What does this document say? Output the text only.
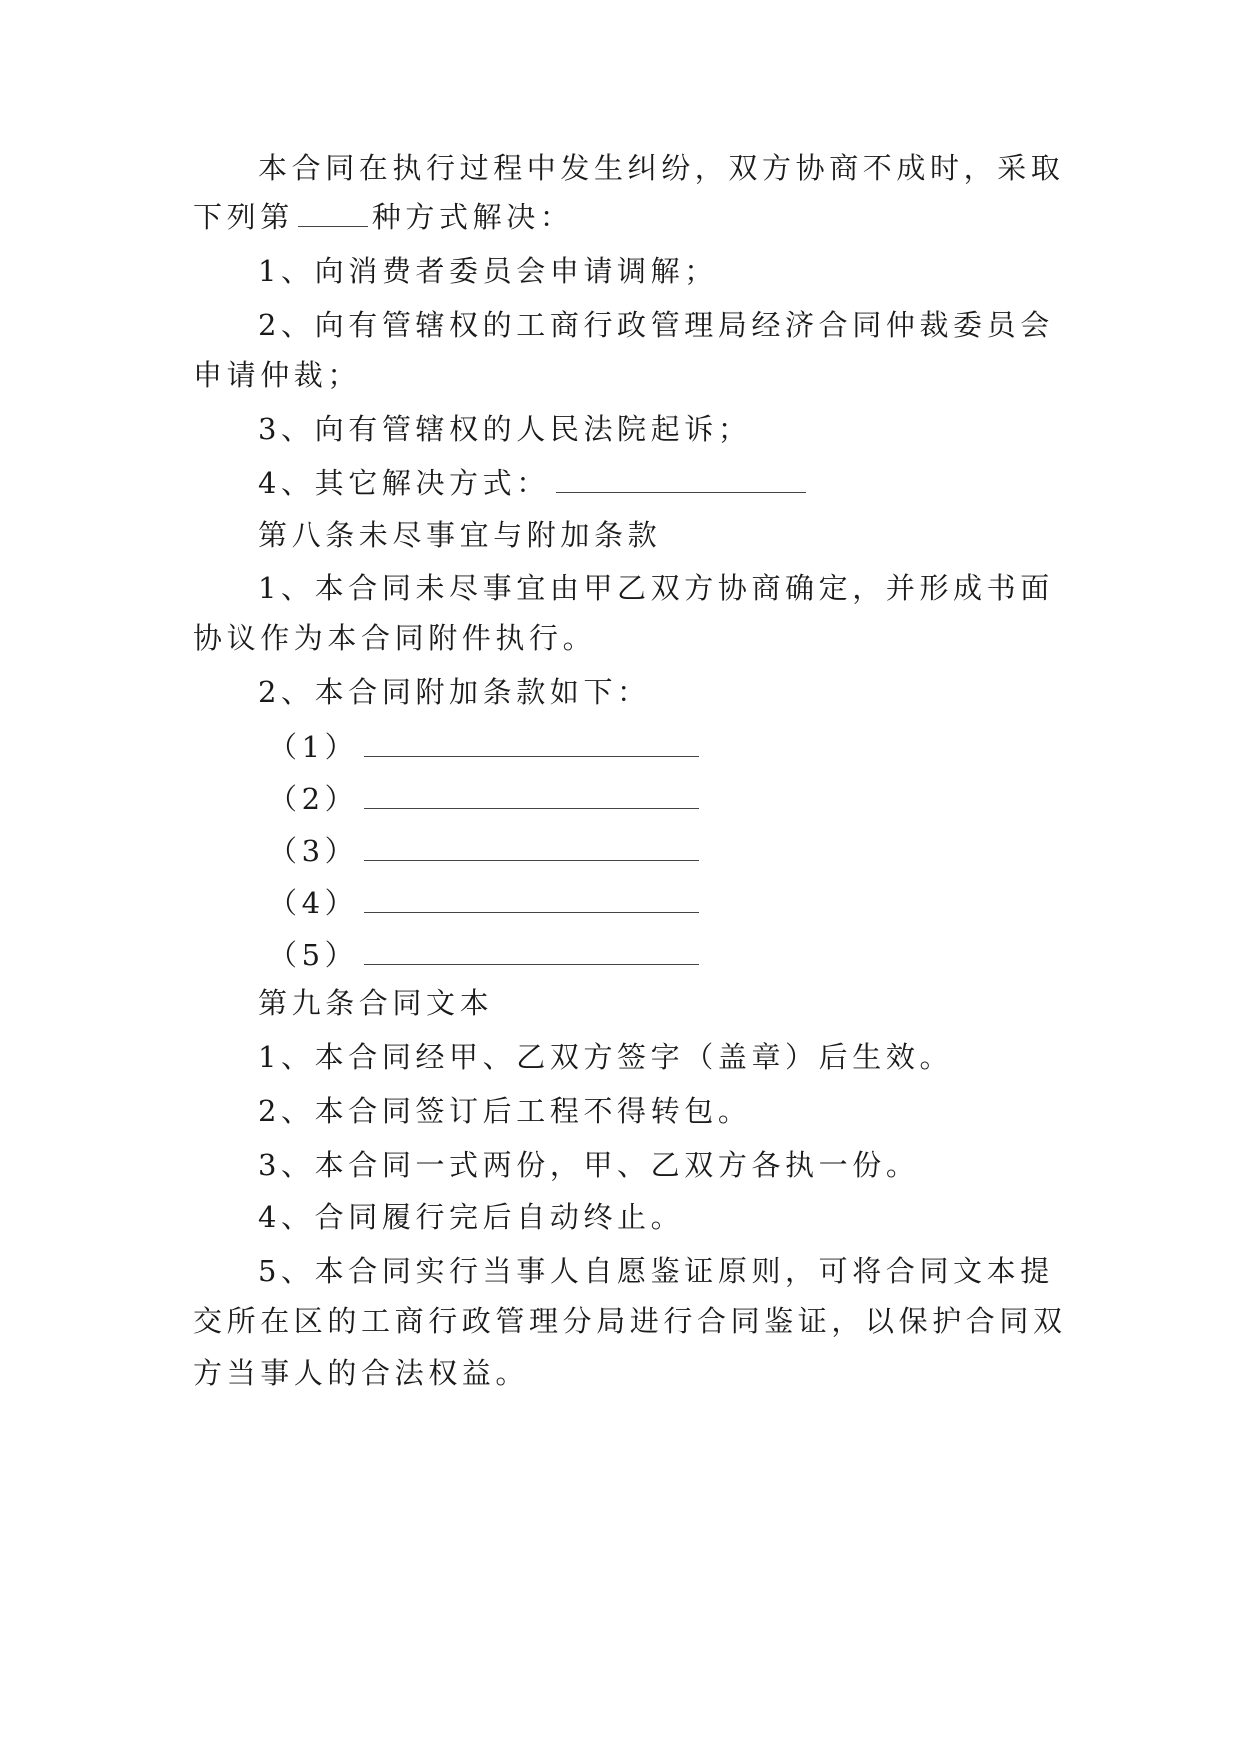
本合同在执行过程中发生纠纷，双方协商不成时，采取
下列第	种方式解决：
1、向消费者委员会申请调解；
2、向有管辖权的工商行政管理局经济合同仲裁委员会
申请仲裁；
3、向有管辖权的人民法院起诉；
4、其它解决方式：
第八条未尽事宜与附加条款
1、本合同未尽事宜由甲乙双方协商确定，并形成书面
协议作为本合同附件执行。
2、本合同附加条款如下：
（1）
（2）
（3）
（4）
（5）
第九条合同文本
1、本合同经甲、乙双方签字（盖章）后生效。
2、本合同签订后工程不得转包。
3、本合同一式两份，甲、乙双方各执一份。
4、合同履行完后自动终止。
5、本合同实行当事人自愿鉴证原则，可将合同文本提
交所在区的工商行政管理分局进行合同鉴证，以保护合同双
方当事人的合法权益。
